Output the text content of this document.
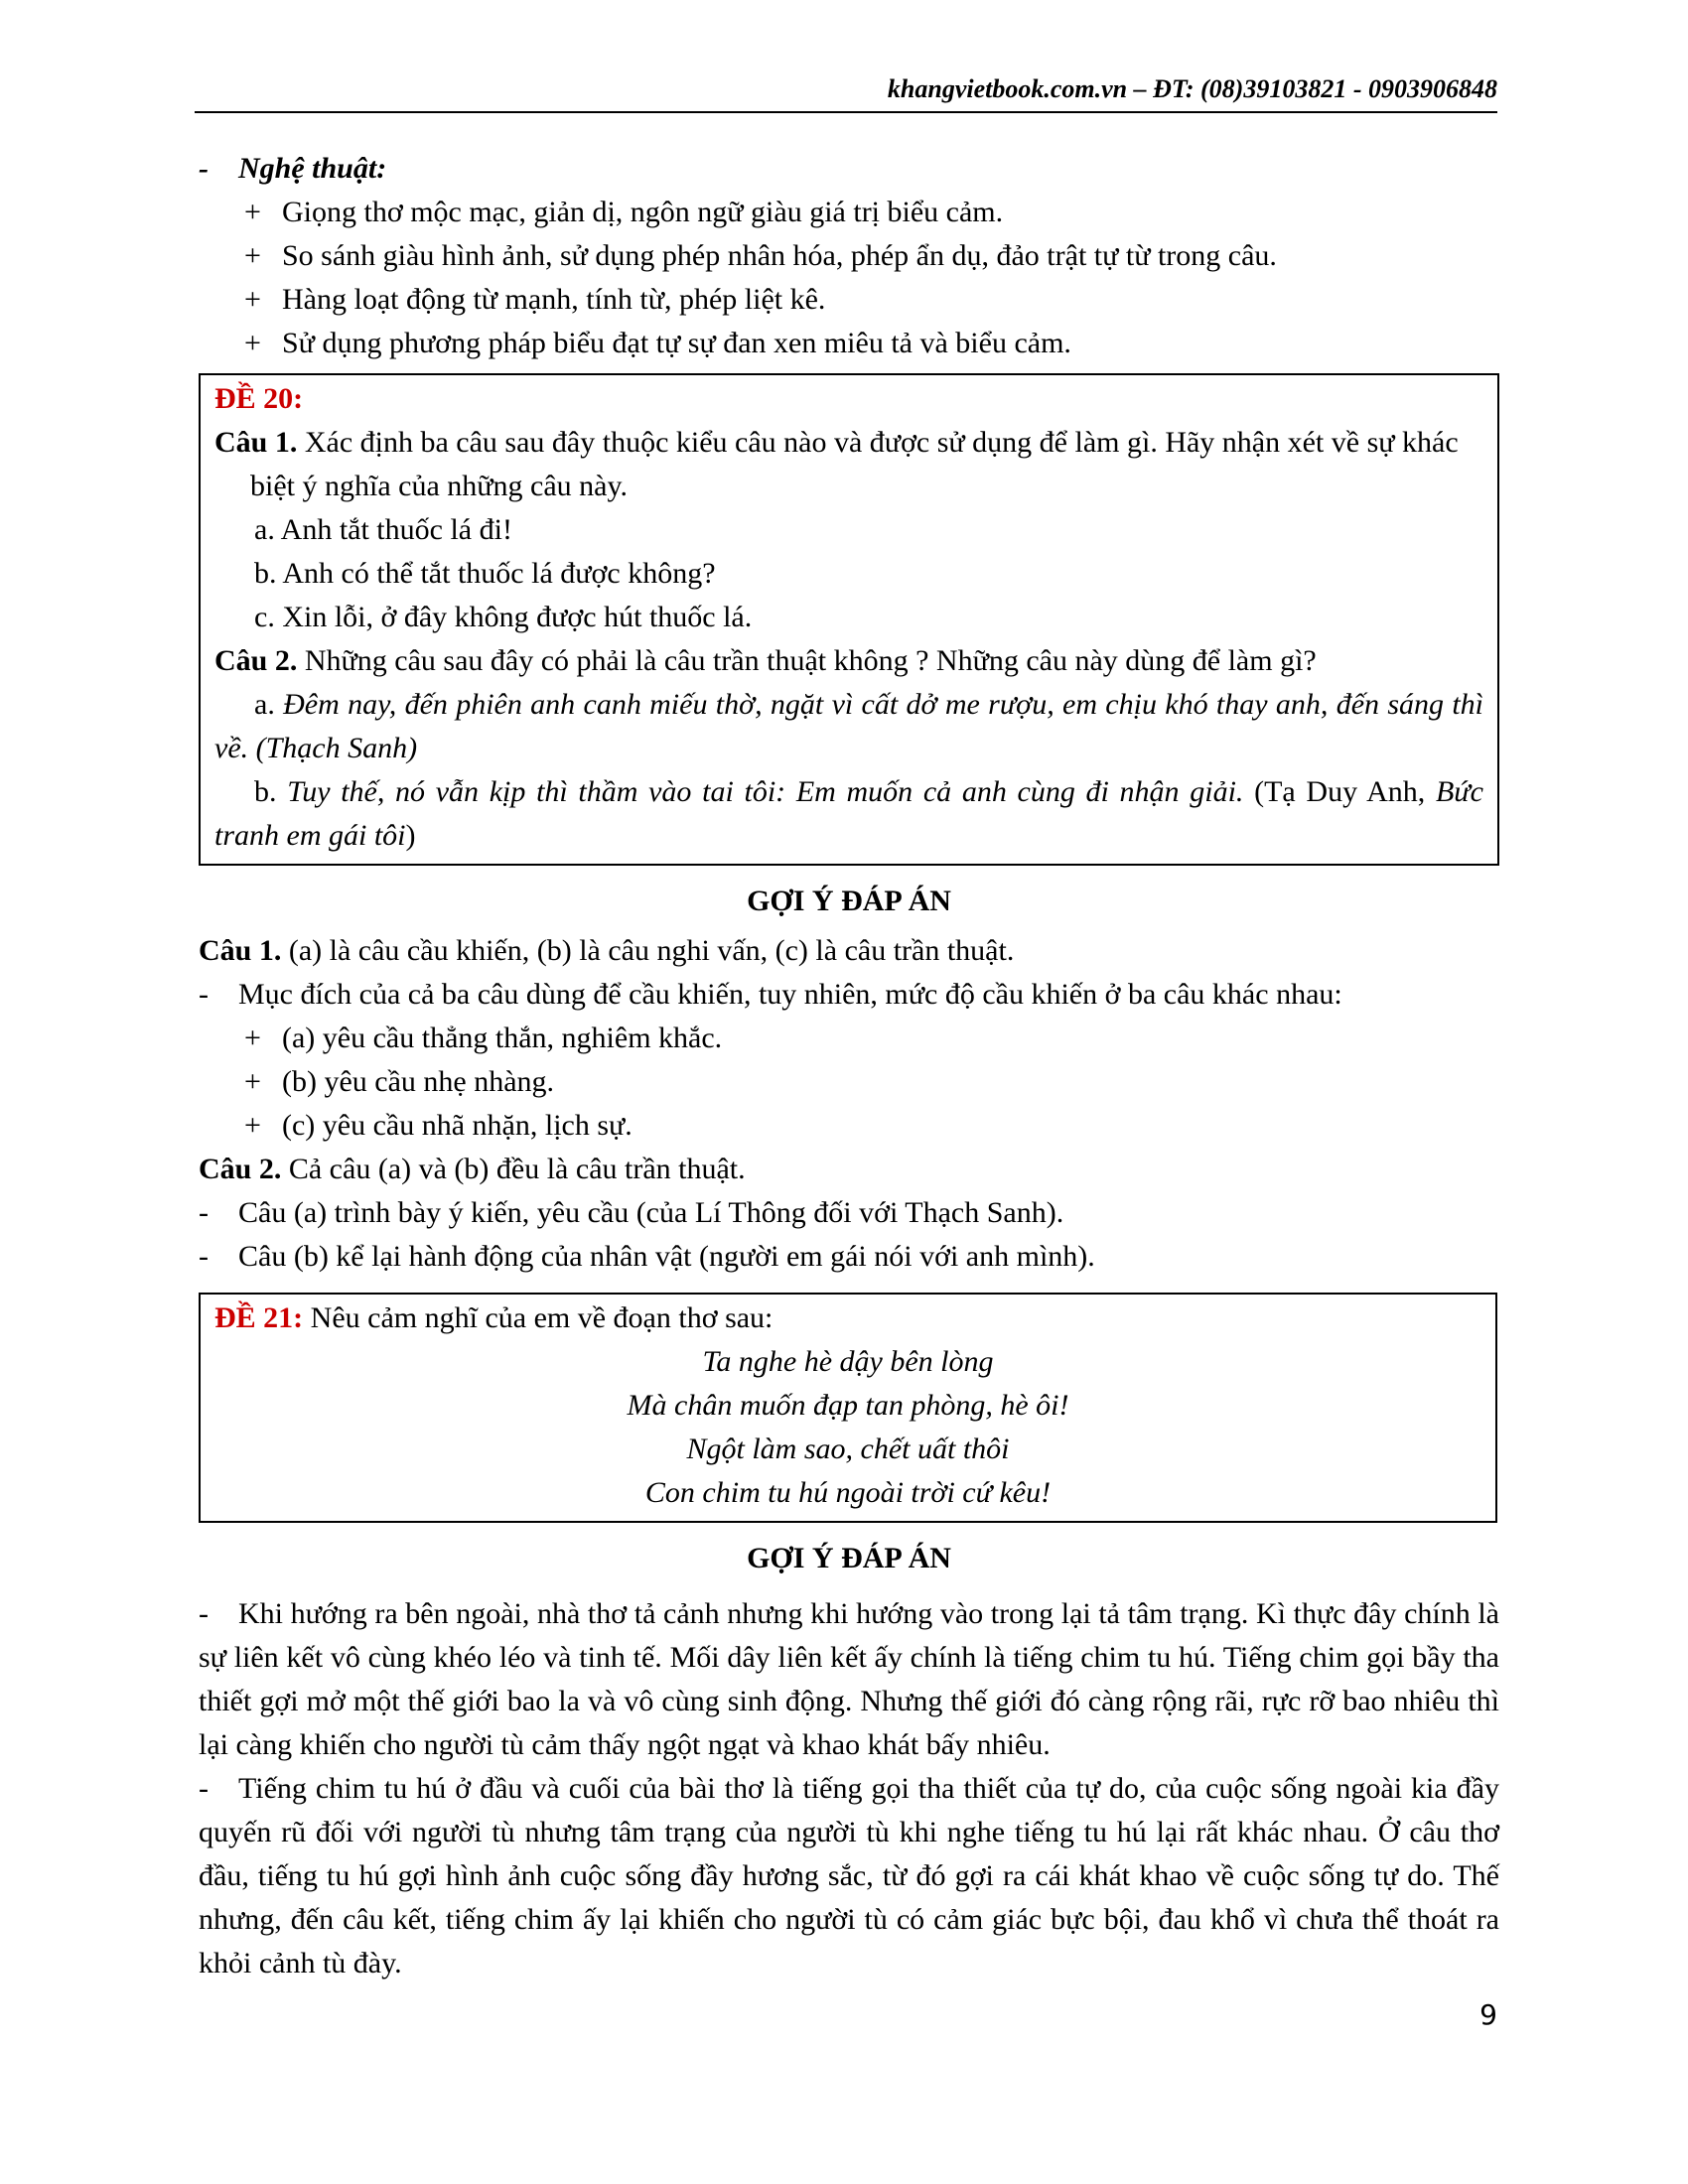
khangvietbook.com.vn – ĐT: (08)39103821 - 0903906848

- Nghệ thuật:

+ Giọng thơ mộc mạc, giản dị, ngôn ngữ giàu giá trị biểu cảm.

+ So sánh giàu hình ảnh, sử dụng phép nhân hóa, phép ẩn dụ, đảo trật tự từ trong câu.

+ Hàng loạt động từ mạnh, tính từ, phép liệt kê.

+ Sử dụng phương pháp biểu đạt tự sự đan xen miêu tả và biểu cảm.

ĐỀ 20:

Câu 1. Xác định ba câu sau đây thuộc kiểu câu nào và được sử dụng để làm gì. Hãy nhận xét về sự khác biệt ý nghĩa của những câu này.

a. Anh tắt thuốc lá đi!

b. Anh có thể tắt thuốc lá được không?

c. Xin lỗi, ở đây không được hút thuốc lá.

Câu 2. Những câu sau đây có phải là câu trần thuật không ? Những câu này dùng để làm gì?

a. Đêm nay, đến phiên anh canh miếu thờ, ngặt vì cất dở me rượu, em chịu khó thay anh, đến sáng thì về. (Thạch Sanh)

b. Tuy thế, nó vẫn kịp thì thầm vào tai tôi: Em muốn cả anh cùng đi nhận giải. (Tạ Duy Anh, Bức tranh em gái tôi)

GỢI Ý ĐÁP ÁN

Câu 1. (a) là câu cầu khiến, (b) là câu nghi vấn, (c) là câu trần thuật.

- Mục đích của cả ba câu dùng để cầu khiến, tuy nhiên, mức độ cầu khiến ở ba câu khác nhau:

+ (a) yêu cầu thẳng thắn, nghiêm khắc.

+ (b) yêu cầu nhẹ nhàng.

+ (c) yêu cầu nhã nhặn, lịch sự.

Câu 2. Cả câu (a) và (b) đều là câu trần thuật.

- Câu (a) trình bày ý kiến, yêu cầu (của Lí Thông đối với Thạch Sanh).

- Câu (b) kể lại hành động của nhân vật (người em gái nói với anh mình).

ĐỀ 21: Nêu cảm nghĩ của em về đoạn thơ sau:

Ta nghe hè dậy bên lòng

Mà chân muốn đạp tan phòng, hè ôi!

Ngột làm sao, chết uất thôi

Con chim tu hú ngoài trời cứ kêu!

GỢI Ý ĐÁP ÁN

- Khi hướng ra bên ngoài, nhà thơ tả cảnh nhưng khi hướng vào trong lại tả tâm trạng. Kì thực đây chính là sự liên kết vô cùng khéo léo và tinh tế. Mối dây liên kết ấy chính là tiếng chim tu hú. Tiếng chim gọi bầy tha thiết gợi mở một thế giới bao la và vô cùng sinh động. Nhưng thế giới đó càng rộng rãi, rực rỡ bao nhiêu thì lại càng khiến cho người tù cảm thấy ngột ngạt và khao khát bấy nhiêu.

- Tiếng chim tu hú ở đầu và cuối của bài thơ là tiếng gọi tha thiết của tự do, của cuộc sống ngoài kia đầy quyến rũ đối với người tù nhưng tâm trạng của người tù khi nghe tiếng tu hú lại rất khác nhau. Ở câu thơ đầu, tiếng tu hú gợi hình ảnh cuộc sống đầy hương sắc, từ đó gợi ra cái khát khao về cuộc sống tự do. Thế nhưng, đến câu kết, tiếng chim ấy lại khiến cho người tù có cảm giác bực bội, đau khổ vì chưa thể thoát ra khỏi cảnh tù đày.

9
